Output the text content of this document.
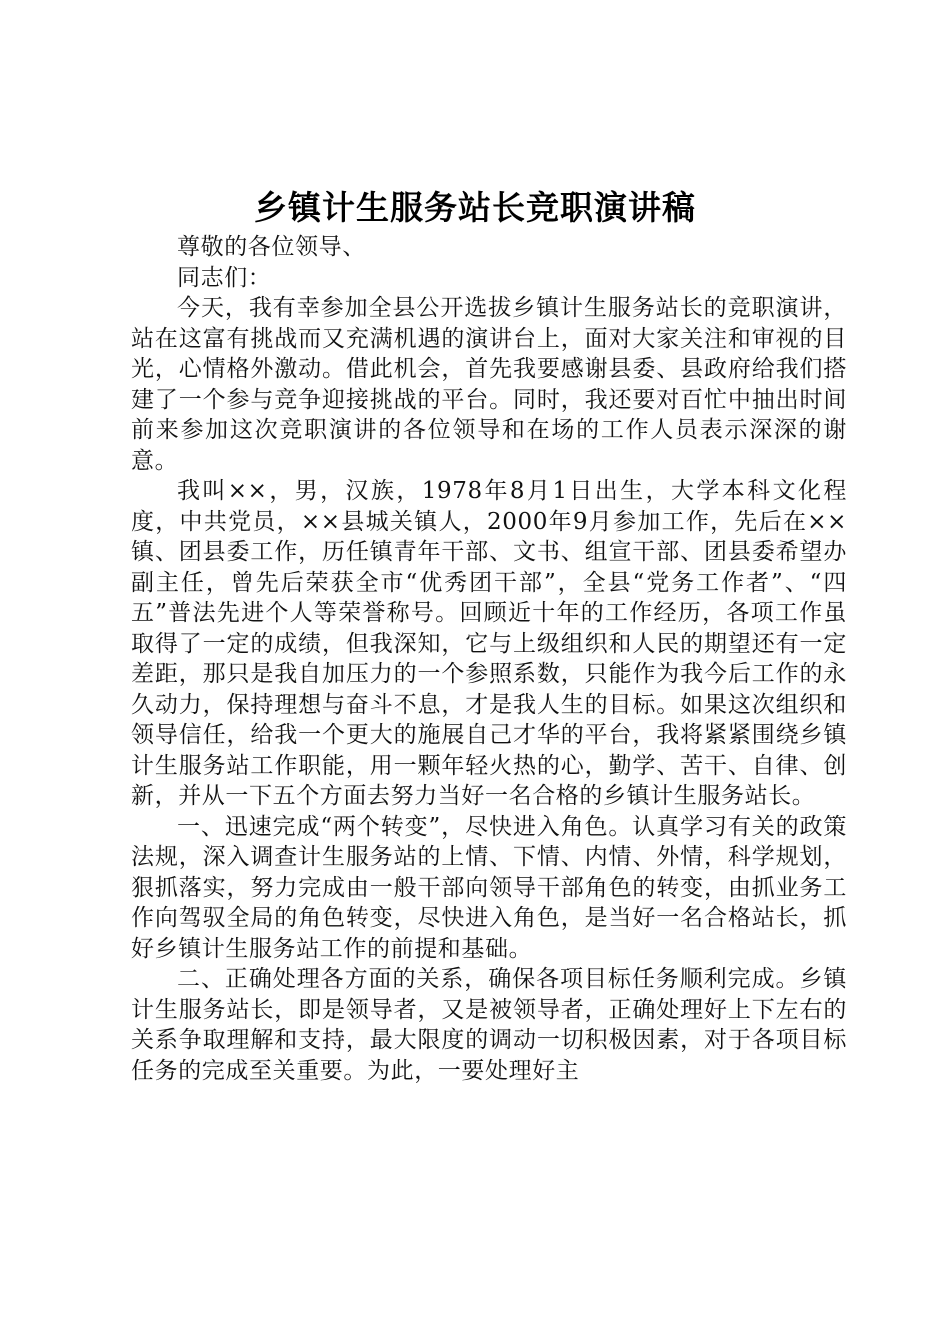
乡镇计生服务站长竞职演讲稿

尊敬的各位领导、

同志们：

今天，我有幸参加全县公开选拔乡镇计生服务站长的竞职演讲，站在这富有挑战而又充满机遇的演讲台上，面对大家关注和审视的目光，心情格外激动。借此机会，首先我要感谢县委、县政府给我们搭建了一个参与竞争迎接挑战的平台。同时，我还要对百忙中抽出时间前来参加这次竞职演讲的各位领导和在场的工作人员表示深深的谢意。

我叫××，男，汉族，1978年8月1日出生，大学本科文化程度，中共党员，××县城关镇人，2000年9月参加工作，先后在××镇、团县委工作，历任镇青年干部、文书、组宣干部、团县委希望办副主任，曾先后荣获全市“优秀团干部”，全县“党务工作者”、“四五”普法先进个人等荣誉称号。回顾近十年的工作经历，各项工作虽取得了一定的成绩，但我深知，它与上级组织和人民的期望还有一定差距，那只是我自加压力的一个参照系数，只能作为我今后工作的永久动力，保持理想与奋斗不息，才是我人生的目标。如果这次组织和领导信任，给我一个更大的施展自己才华的平台，我将紧紧围绕乡镇计生服务站工作职能，用一颗年轻火热的心，勤学、苦干、自律、创新，并从一下五个方面去努力当好一名合格的乡镇计生服务站长。

一、迅速完成“两个转变”，尽快进入角色。认真学习有关的政策法规，深入调查计生服务站的上情、下情、内情、外情，科学规划，狠抓落实，努力完成由一般干部向领导干部角色的转变，由抓业务工作向驾驭全局的角色转变，尽快进入角色，是当好一名合格站长，抓好乡镇计生服务站工作的前提和基础。

二、正确处理各方面的关系，确保各项目标任务顺利完成。乡镇计生服务站长，即是领导者，又是被领导者，正确处理好上下左右的关系争取理解和支持，最大限度的调动一切积极因素，对于各项目标任务的完成至关重要。为此，一要处理好主
